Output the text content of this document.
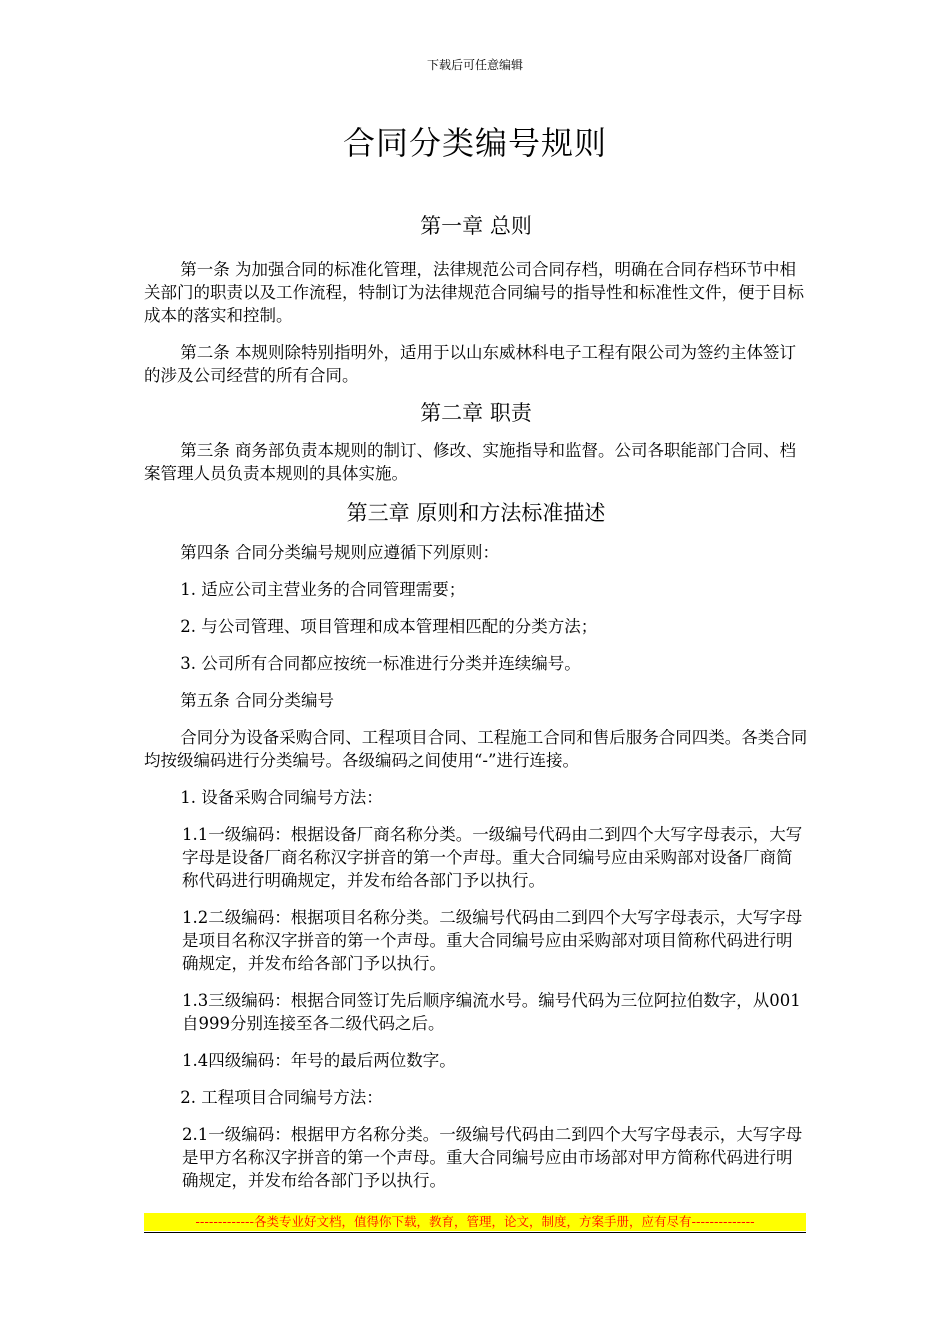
下载后可任意编辑
合同分类编号规则
第一章 总则

第一条 为加强合同的标准化管理，法律规范公司合同存档，明确在合同存档环节中相关部门的职责以及工作流程，特制订为法律规范合同编号的指导性和标准性文件，便于目标成本的落实和控制。

第二条 本规则除特别指明外，适用于以山东威林科电子工程有限公司为签约主体签订的涉及公司经营的所有合同。

第二章 职责

第三条 商务部负责本规则的制订、修改、实施指导和监督。公司各职能部门合同、档案管理人员负责本规则的具体实施。

第三章 原则和方法标准描述

第四条 合同分类编号规则应遵循下列原则：

1. 适应公司主营业务的合同管理需要；

2. 与公司管理、项目管理和成本管理相匹配的分类方法；

3. 公司所有合同都应按统一标准进行分类并连续编号。

第五条 合同分类编号

合同分为设备采购合同、工程项目合同、工程施工合同和售后服务合同四类。各类合同均按级编码进行分类编号。各级编码之间使用“-”进行连接。

1. 设备采购合同编号方法：

1.1一级编码：根据设备厂商名称分类。一级编号代码由二到四个大写字母表示，大写字母是设备厂商名称汉字拼音的第一个声母。重大合同编号应由采购部对设备厂商简称代码进行明确规定，并发布给各部门予以执行。

1.2二级编码：根据项目名称分类。二级编号代码由二到四个大写字母表示，大写字母是项目名称汉字拼音的第一个声母。重大合同编号应由采购部对项目简称代码进行明确规定，并发布给各部门予以执行。

1.3三级编码：根据合同签订先后顺序编流水号。编号代码为三位阿拉伯数字，从001自999分别连接至各二级代码之后。

1.4四级编码：年号的最后两位数字。

2. 工程项目合同编号方法：

2.1一级编码：根据甲方名称分类。一级编号代码由二到四个大写字母表示，大写字母是甲方名称汉字拼音的第一个声母。重大合同编号应由市场部对甲方简称代码进行明确规定，并发布给各部门予以执行。

-------------各类专业好文档，值得你下载，教育，管理，论文，制度，方案手册，应有尽有--------------
